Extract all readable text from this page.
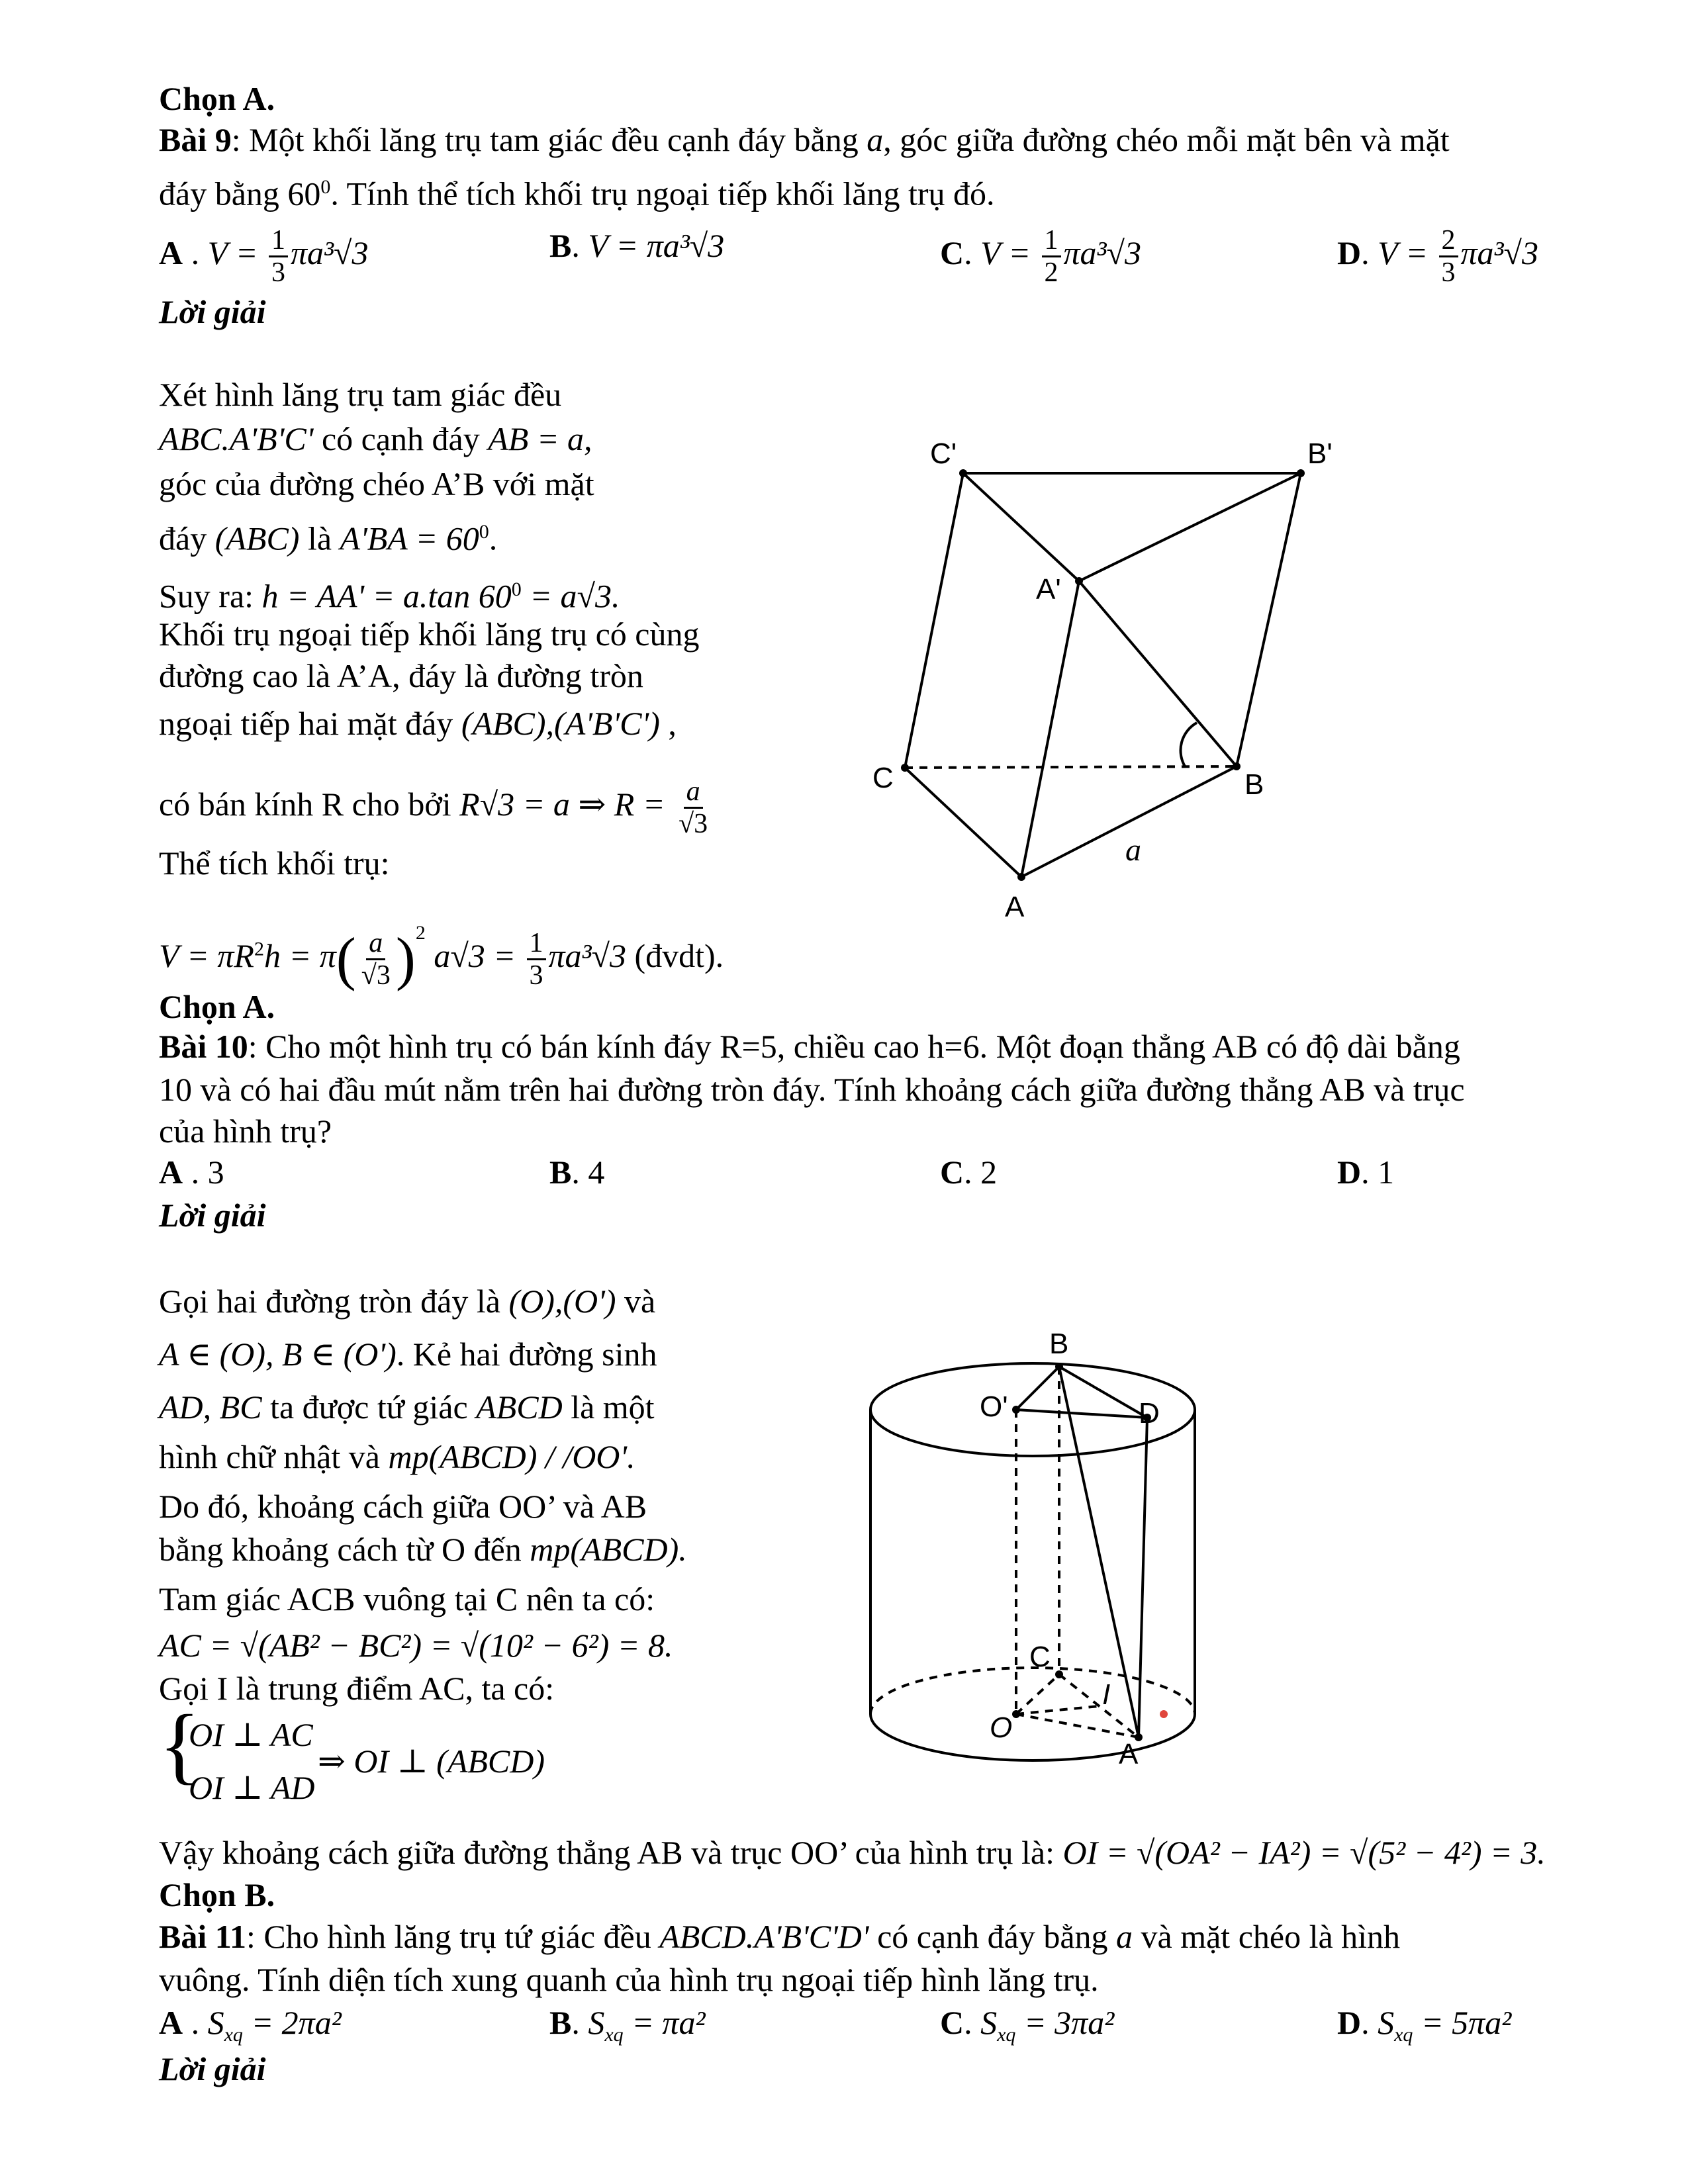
Chọn A.
Bài 9: Một khối lăng trụ tam giác đều cạnh đáy bằng a, góc giữa đường chéo mỗi mặt bên và mặt
đáy bằng $60^0$. Tính thể tích khối trụ ngoại tiếp khối lăng trụ đó.
A . $V = \frac{1}{3} \pi a^3√3$	B. V = πa³√3	C. $V = \frac{1}{2} \pi a^3√3$	D. $V = \frac{2}{3} \pi a^3√3$
Lời giải
Xét hình lăng trụ tam giác đều
ABC.A'B'C' có cạnh đáy AB = a,
góc của đường chéo A’B với mặt
đáy (ABC) là $A'BA = 60^0$.
Suy ra: h = AA' = a.tan $60^0 = a√3$.
Khối trụ ngoại tiếp khối lăng trụ có cùng
đường cao là A’A, đáy là đường tròn
ngoại tiếp hai mặt đáy (ABC),(A'B'C') ,
có bán kính R cho bởi R√3 = a ⇒ $R = \frac{a}{√3}$
Thể tích khối trụ:
$V = \pi R^2h = \pi( \frac{a}{√3} )^2$ $a√3 = \frac{1}{3} \pi a^3√3$ (đvdt).
C'	B'
A'
C	B
A
a
Chọn A.
Bài 10: Cho một hình trụ có bán kính đáy R=5, chiều cao h=6. Một đoạn thẳng AB có độ dài bằng
10 và có hai đầu mút nằm trên hai đường tròn đáy. Tính khoảng cách giữa đường thẳng AB và trục
của hình trụ?
A . 3	B. 4	C. 2	D. 1
Lời giải
Gọi hai đường tròn đáy là (O),(O') và
A ∈ (O), B ∈ (O'). Kẻ hai đường sinh
AD, BC ta được tứ giác ABCD là một
hình chữ nhật và mp(ABCD) / /OO'.
Do đó, khoảng cách giữa OO’ và AB
bằng khoảng cách từ O đến mp(ABCD).
Tam giác ACB vuông tại C nên ta có:
AC = √(AB² − BC²) = √(10² − 6²) = 8.
Gọi I là trung điểm AC, ta có:
{
OI ⊥ AC
OI ⊥ AD
⇒ OI ⊥ (ABCD)
Vậy khoảng cách giữa đường thẳng AB và trục OO’ của hình trụ là: OI = √(OA² − IA²) = √(5² − 4²) = 3.
B
O'	D
C
I
O
A
Chọn B.
Bài 11: Cho hình lăng trụ tứ giác đều ABCD.A'B'C'D' có cạnh đáy bằng a và mặt chéo là hình
vuông. Tính diện tích xung quanh của hình trụ ngoại tiếp hình lăng trụ.
A . $S_{xq} = 2\pi a^2$	B. $S_{xq} = \pi a^2$	C. $S_{xq} = 3\pi a^2$	D. $S_{xq} = 5\pi a^2$
Lời giải
